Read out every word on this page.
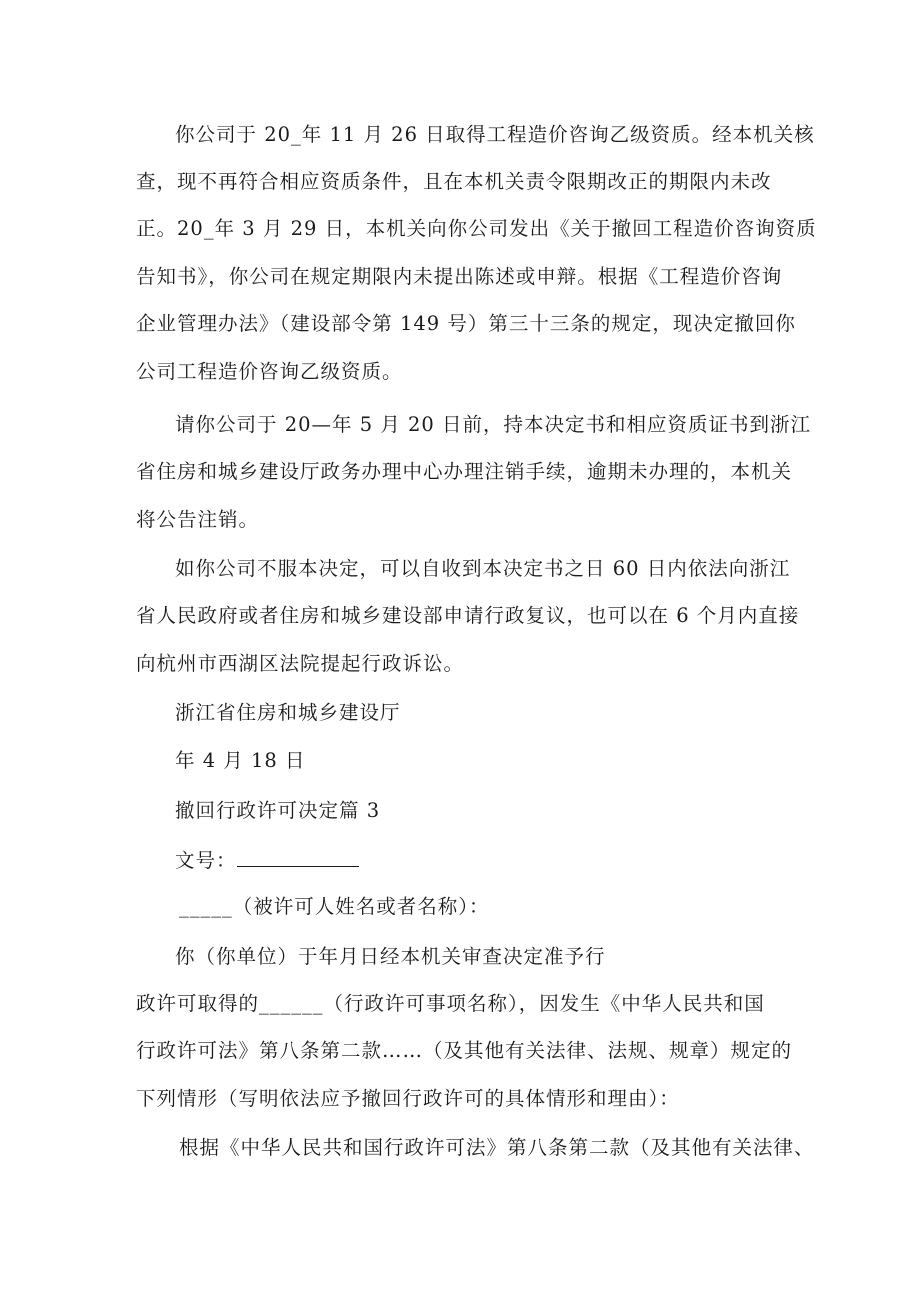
你公司于 20_年 11 月 26 日取得工程造价咨询乙级资质。经本机关核
查，现不再符合相应资质条件，且在本机关责令限期改正的期限内未改
正。20_年 3 月 29 日，本机关向你公司发出《关于撤回工程造价咨询资质
告知书》，你公司在规定期限内未提出陈述或申辩。根据《工程造价咨询
企业管理办法》（建设部令第 149 号）第三十三条的规定，现决定撤回你
公司工程造价咨询乙级资质。
请你公司于 20—年 5 月 20 日前，持本决定书和相应资质证书到浙江
省住房和城乡建设厅政务办理中心办理注销手续，逾期未办理的，本机关
将公告注销。
如你公司不服本决定，可以自收到本决定书之日 60 日内依法向浙江
省人民政府或者住房和城乡建设部申请行政复议，也可以在 6 个月内直接
向杭州市西湖区法院提起行政诉讼。
浙江省住房和城乡建设厅
年 4 月 18 日
撤回行政许可决定篇 3
文号：
_____（被许可人姓名或者名称）：
你（你单位）于年月日经本机关审查决定准予行
政许可取得的______（行政许可事项名称），因发生《中华人民共和国
行政许可法》第八条第二款……（及其他有关法律、法规、规章）规定的
下列情形（写明依法应予撤回行政许可的具体情形和理由）：
根据《中华人民共和国行政许可法》第八条第二款（及其他有关法律、
